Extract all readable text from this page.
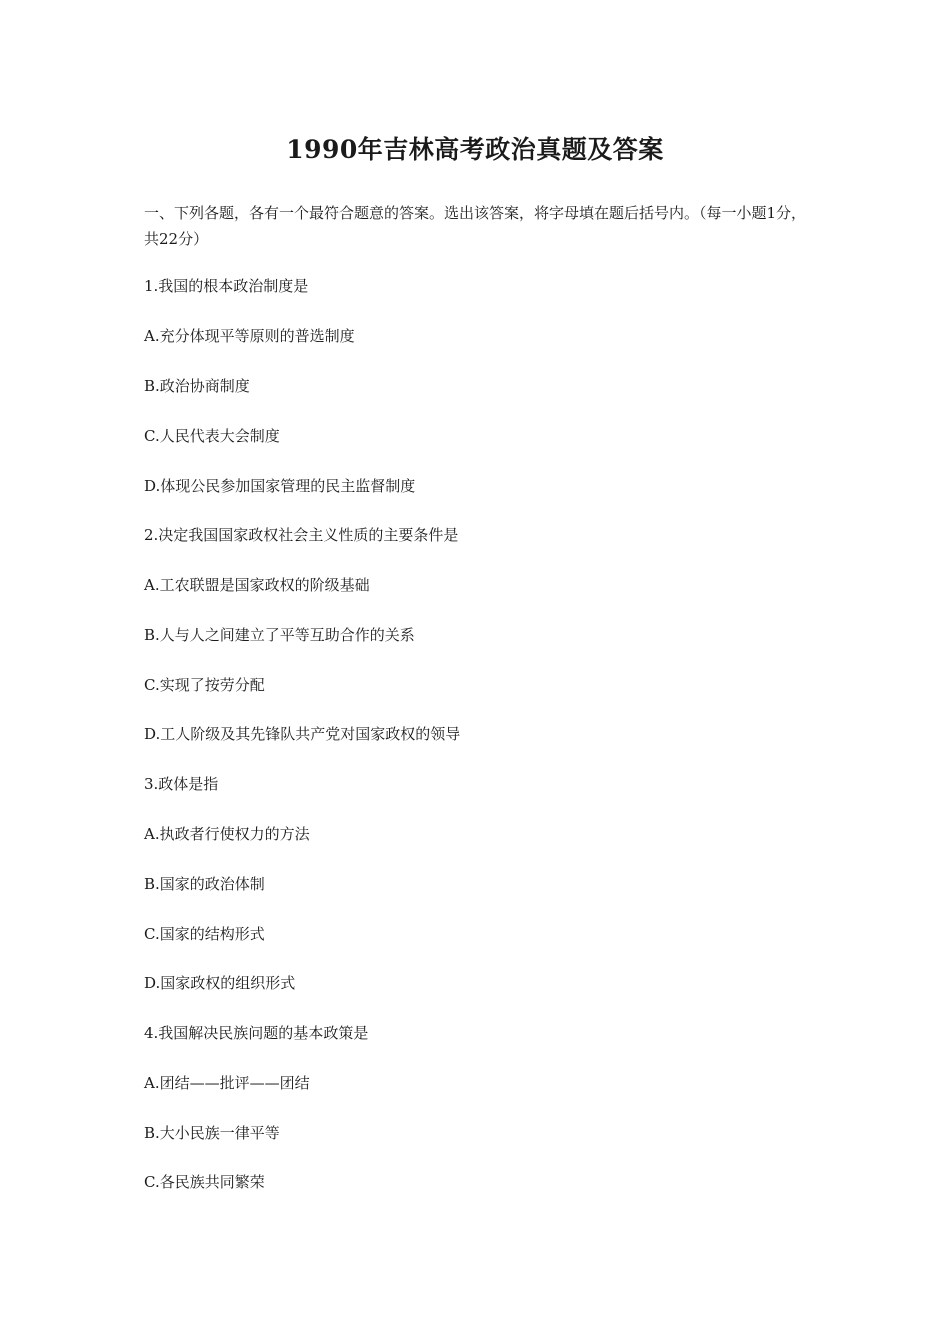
1990年吉林高考政治真题及答案
一、下列各题，各有一个最符合题意的答案。选出该答案，将字母填在题后括号内。（每一小题1分，共22分）
1.我国的根本政治制度是
A.充分体现平等原则的普选制度
B.政治协商制度
C.人民代表大会制度
D.体现公民参加国家管理的民主监督制度
2.决定我国国家政权社会主义性质的主要条件是
A.工农联盟是国家政权的阶级基础
B.人与人之间建立了平等互助合作的关系
C.实现了按劳分配
D.工人阶级及其先锋队共产党对国家政权的领导
3.政体是指
A.执政者行使权力的方法
B.国家的政治体制
C.国家的结构形式
D.国家政权的组织形式
4.我国解决民族问题的基本政策是
A.团结——批评——团结
B.大小民族一律平等
C.各民族共同繁荣
